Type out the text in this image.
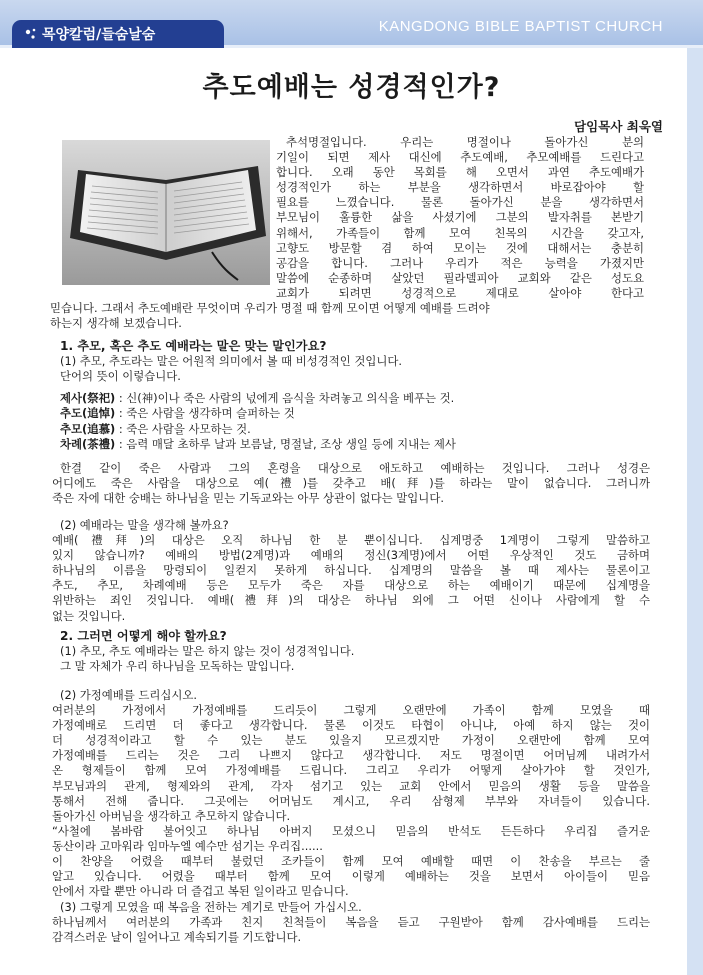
목양칼럼/들숨날숨	KANGDONG BIBLE BAPTIST CHURCH
추도예배는 성경적인가?
담임목사 최욱열
추석명절입니다. 우리는 명절이나 돌아가신 분의
기일이 되면 제사 대신에 추도예배, 추모예배를 드린다고
합니다. 오래 동안 목회를 해 오면서 과연 추도예배가
성경적인가 하는 부분을 생각하면서 바로잡아야 할
필요를 느꼈습니다. 물론 돌아가신 분을 생각하면서
부모님이 훌륭한 삶을 사셨기에 그분의 발자취를 본받기
위해서, 가족들이 함께 모여 친목의 시간을 갖고자,
고향도 방문할 겸 하여 모이는 것에 대해서는 충분히
공감을 합니다. 그러나 우리가 적은 능력을 가졌지만
말씀에 순종하며 살았던 필라델피아 교회와 같은 성도요
교회가 되려면 성경적으로 제대로 살아야 한다고
믿습니다. 그래서 추도예배란 무엇이며 우리가 명절 때 함께 모이면 어떻게 예배를 드려야
하는지 생각해 보겠습니다.
1. 추모, 혹은 추도 예배라는 말은 맞는 말인가요?
(1) 추모, 추도라는 말은 어원적 의미에서 볼 때 비성경적인 것입니다.
단어의 뜻이 이렇습니다.
제사(祭祀) : 신(神)이나 죽은 사람의 넋에게 음식을 차려놓고 의식을 베푸는 것.
추도(追悼) : 죽은 사람을 생각하며 슬퍼하는 것
추모(追慕) : 죽은 사람을 사모하는 것.
차례(茶禮) : 음력 매달 초하루 날과 보름날, 명절날, 조상 생일 등에 지내는 제사
한결 같이 죽은 사람과 그의 혼령을 대상으로 애도하고 예배하는 것입니다. 그러나 성경은
어디에도 죽은 사람을 대상으로 예(禮)를 갖추고 배(拜)를 하라는 말이 없습니다. 그러니까
죽은 자에 대한 숭배는 하나님을 믿는 기독교와는 아무 상관이 없다는 말입니다.
(2) 예배라는 말을 생각해 볼까요?
예배(禮拜)의 대상은 오직 하나님 한 분 뿐이십니다. 십계명중 1계명이 그렇게 말씀하고
있지 않습니까? 예배의 방법(2계명)과 예배의 정신(3계명)에서 어떤 우상적인 것도 금하며
하나님의 이름을 망령되이 일컫지 못하게 하십니다. 십계명의 말씀을 볼 때 제사는 물론이고
추도, 추모, 차례예배 등은 모두가 죽은 자를 대상으로 하는 예배이기 때문에 십계명을
위반하는 죄인 것입니다. 예배(禮拜)의 대상은 하나님 외에 그 어떤 신이나 사람에게 할 수
없는 것입니다.
2. 그러면 어떻게 해야 할까요?
(1) 추모, 추도 예배라는 말은 하지 않는 것이 성경적입니다.
그 말 자체가 우리 하나님을 모독하는 말입니다.
(2) 가정예배를 드리십시오.
여러분의 가정에서 가정예배를 드리듯이 그렇게 오랜만에 가족이 함께 모였을 때
가정예배로 드리면 더 좋다고 생각합니다. 물론 이것도 타협이 아니냐, 아예 하지 않는 것이
더 성경적이라고 할 수 있는 분도 있을지 모르겠지만 가정이 오랜만에 함께 모여
가정예배를 드리는 것은 그리 나쁘지 않다고 생각합니다. 저도 명절이면 어머님께 내려가서
온 형제들이 함께 모여 가정예배를 드립니다. 그리고 우리가 어떻게 살아가야 할 것인가,
부모님과의 관계, 형제와의 관계, 각자 섬기고 있는 교회 안에서 믿음의 생활 등을 말씀을
통해서 전해 줍니다. 그곳에는 어머님도 계시고, 우리 삼형제 부부와 자녀들이 있습니다.
돌아가신 아버님을 생각하고 추모하지 않습니다.
“사철에 봄바람 불어잇고 하나님 아버지 모셨으니 믿음의 반석도 든든하다 우리집 즐거운
동산이라 고마워라 임마누엘 예수만 섬기는 우리집......
이 찬양을 어렸을 때부터 불렀던 조카들이 함께 모여 예배할 때면 이 찬송을 부르는 줄
알고 있습니다. 어렸을 때부터 함께 모여 이렇게 예배하는 것을 보면서 아이들이 믿음
안에서 자랄 뿐만 아니라 더 즐겁고 복된 일이라고 믿습니다.
(3) 그렇게 모였을 때 복음을 전하는 계기로 만들어 가십시오.
하나님께서 여러분의 가족과 친지 친척들이 복음을 듣고 구원받아 함께 감사예배를 드리는
감격스러운 날이 일어나고 계속되기를 기도합니다.
